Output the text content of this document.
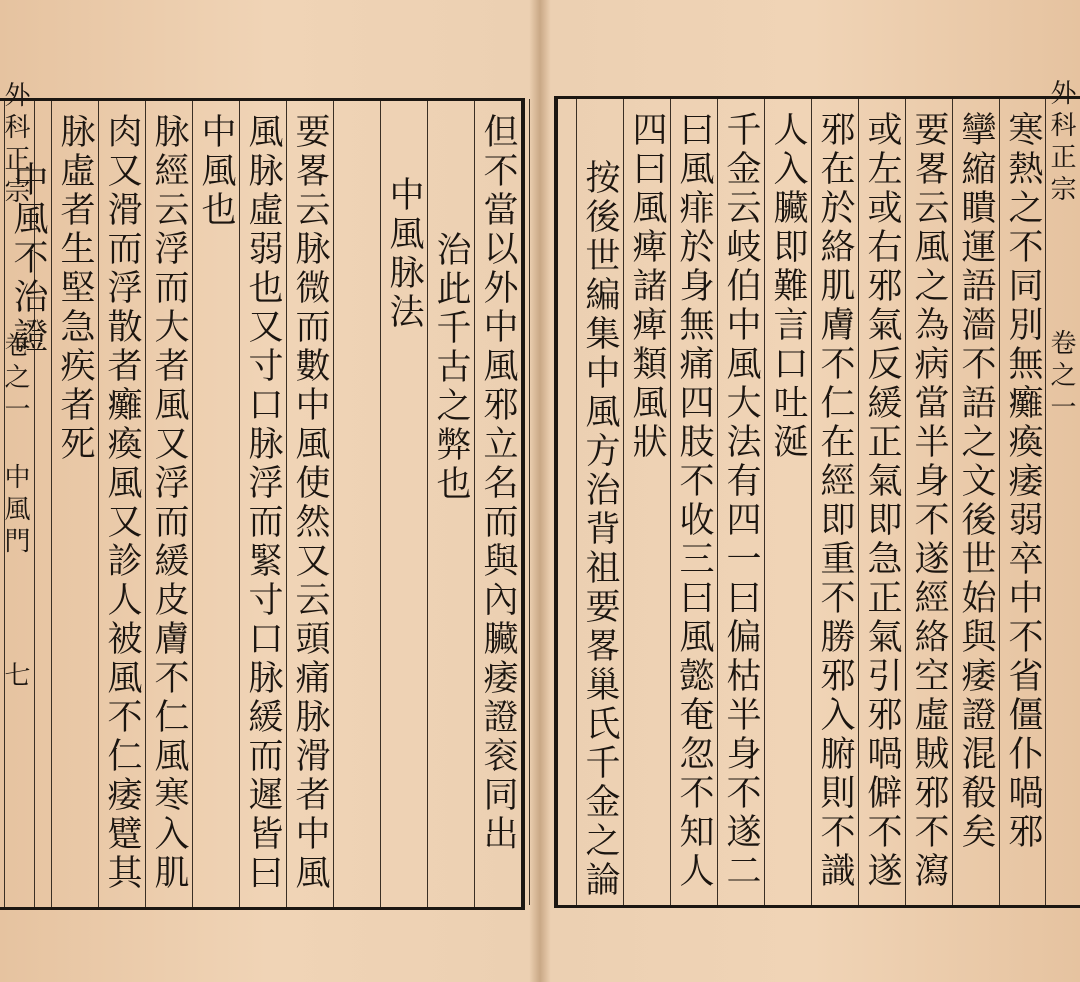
外科正宗
卷之一 中風門
七	但不當以外中風邪立名而與內臟痿證衮同出
治此千古之弊也
中風脉法
要畧云脉微而數中風使然又云頭痛脉滑者中風
風脉虛弱也又寸口脉浮而緊寸口脉緩而遲皆曰
中風也
脉經云浮而大者風又浮而緩皮膚不仁風寒入肌
肉又滑而浮散者癱瘓風又診人被風不仁痿躄其
脉虛者生堅急疾者死
中風不治證
外科正宗
卷之一
寒熱之不同別無癱瘓痿弱卒中不省僵仆喎邪
攣縮瞶運語濇不語之文後世始與痿證混殽矣
要畧云風之為病當半身不遂經絡空虛賊邪不瀉
或左或右邪氣反緩正氣即急正氣引邪喎僻不遂
邪在於絡肌膚不仁在經即重不勝邪入腑則不識
人入臟即難言口吐涎
千金云岐伯中風大法有四一曰偏枯半身不遂二
曰風痱於身無痛四肢不收三曰風懿奄忽不知人
四曰風痺諸痺類風狀
按後世編集中風方治背祖要畧巢氏千金之論
